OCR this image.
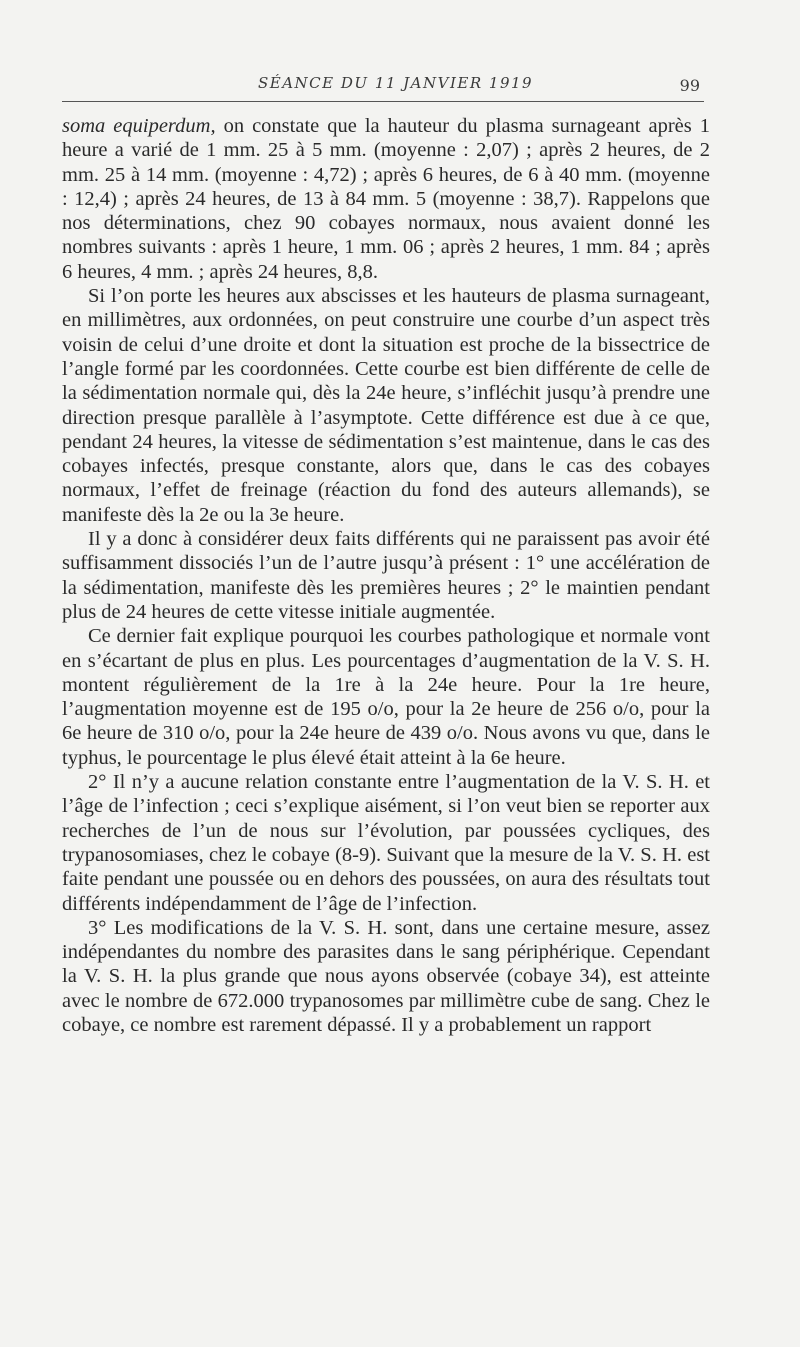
SÉANCE DU 11 JANVIER 1919	99

soma equiperdum, on constate que la hauteur du plasma surnageant après 1 heure a varié de 1 mm. 25 à 5 mm. (moyenne : 2,07) ; après 2 heures, de 2 mm. 25 à 14 mm. (moyenne : 4,72) ; après 6 heures, de 6 à 40 mm. (moyenne : 12,4) ; après 24 heures, de 13 à 84 mm. 5 (moyenne : 38,7). Rappelons que nos déterminations, chez 90 cobayes normaux, nous avaient donné les nombres suivants : après 1 heure, 1 mm. 06 ; après 2 heures, 1 mm. 84 ; après 6 heures, 4 mm. ; après 24 heures, 8,8.

Si l’on porte les heures aux abscisses et les hauteurs de plasma surnageant, en millimètres, aux ordonnées, on peut construire une courbe d’un aspect très voisin de celui d’une droite et dont la situation est proche de la bissectrice de l’angle formé par les coordonnées. Cette courbe est bien différente de celle de la sédimentation normale qui, dès la 24e heure, s’infléchit jusqu’à prendre une direction presque parallèle à l’asymptote. Cette différence est due à ce que, pendant 24 heures, la vitesse de sédimentation s’est maintenue, dans le cas des cobayes infectés, presque constante, alors que, dans le cas des cobayes normaux, l’effet de freinage (réaction du fond des auteurs allemands), se manifeste dès la 2e ou la 3e heure.

Il y a donc à considérer deux faits différents qui ne paraissent pas avoir été suffisamment dissociés l’un de l’autre jusqu’à présent : 1° une accélération de la sédimentation, manifeste dès les premières heures ; 2° le maintien pendant plus de 24 heures de cette vitesse initiale augmentée.

Ce dernier fait explique pourquoi les courbes pathologique et normale vont en s’écartant de plus en plus. Les pourcentages d’augmentation de la V. S. H. montent régulièrement de la 1re à la 24e heure. Pour la 1re heure, l’augmentation moyenne est de 195 o/o, pour la 2e heure de 256 o/o, pour la 6e heure de 310 o/o, pour la 24e heure de 439 o/o. Nous avons vu que, dans le typhus, le pourcentage le plus élevé était atteint à la 6e heure.

2° Il n’y a aucune relation constante entre l’augmentation de la V. S. H. et l’âge de l’infection ; ceci s’explique aisément, si l’on veut bien se reporter aux recherches de l’un de nous sur l’évolution, par poussées cycliques, des trypanosomiases, chez le cobaye (8-9). Suivant que la mesure de la V. S. H. est faite pendant une poussée ou en dehors des poussées, on aura des résultats tout différents indépendamment de l’âge de l’infection.

3° Les modifications de la V. S. H. sont, dans une certaine mesure, assez indépendantes du nombre des parasites dans le sang périphérique. Cependant la V. S. H. la plus grande que nous ayons observée (cobaye 34), est atteinte avec le nombre de 672.000 trypanosomes par millimètre cube de sang. Chez le cobaye, ce nombre est rarement dépassé. Il y a probablement un rapport
